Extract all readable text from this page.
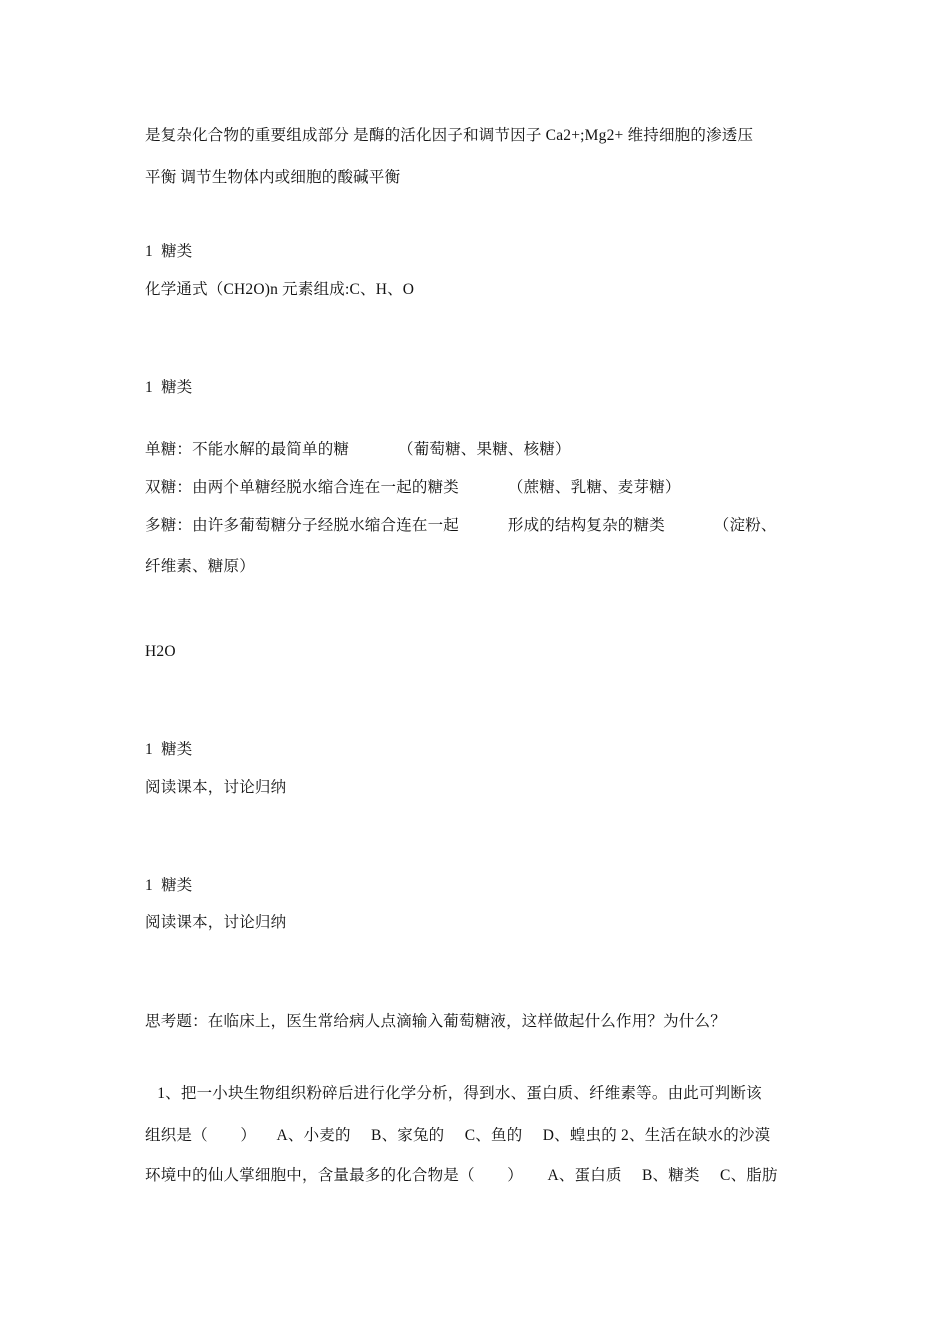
是复杂化合物的重要组成部分 是酶的活化因子和调节因子 Ca2+;Mg2+ 维持细胞的渗透压
平衡 调节生物体内或细胞的酸碱平衡
1  糖类
化学通式（CH2O)n 元素组成:C、H、O
1  糖类
单糖：不能水解的最简单的糖            （葡萄糖、果糖、核糖）
双糖：由两个单糖经脱水缩合连在一起的糖类            （蔗糖、乳糖、麦芽糖）
多糖：由许多葡萄糖分子经脱水缩合连在一起            形成的结构复杂的糖类            （淀粉、
纤维素、糖原）
H2O
1  糖类
阅读课本，讨论归纳
1  糖类
阅读课本，讨论归纳
思考题：在临床上，医生常给病人点滴输入葡萄糖液，这样做起什么作用？为什么？
1、把一小块生物组织粉碎后进行化学分析，得到水、蛋白质、纤维素等。由此可判断该
组织是（        ）     A、小麦的     B、家兔的     C、鱼的     D、蝗虫的 2、生活在缺水的沙漠
环境中的仙人掌细胞中，含量最多的化合物是（        ）      A、蛋白质     B、糖类     C、脂肪
